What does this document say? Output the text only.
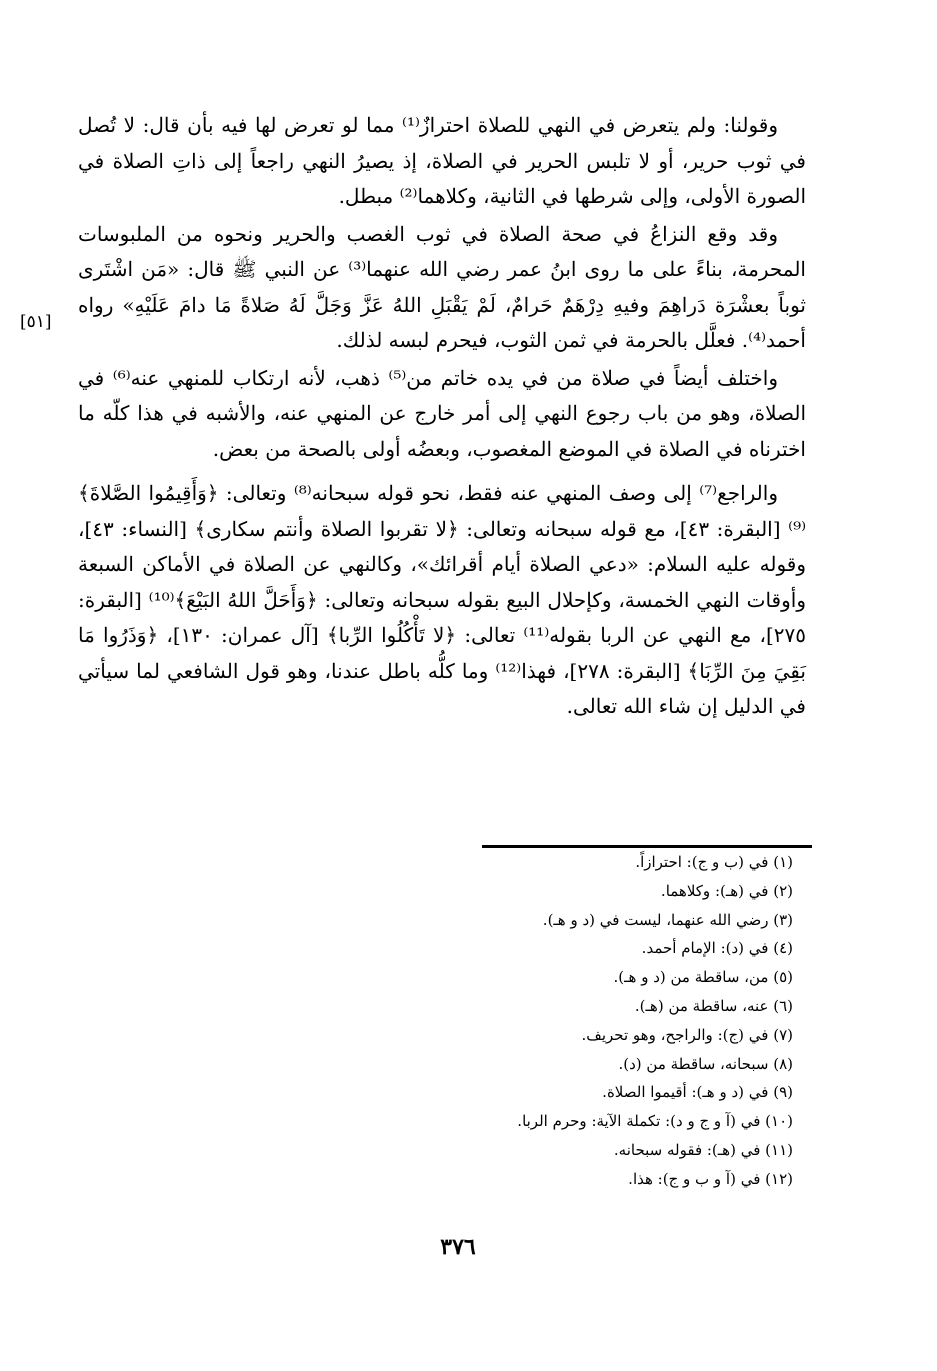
[٥١]

وقولنا: ولم يتعرض في النهي للصلاة احترازٌ⁽¹⁾ مما لو تعرض لها فيه بأن قال: لا تُصل في ثوب حرير، أو لا تلبس الحرير في الصلاة، إذ يصيرُ النهي راجعاً إلى ذاتِ الصلاة في الصورة الأولى، وإلى شرطها في الثانية، وكلاهما⁽²⁾ مبطل.

وقد وقع النزاعُ في صحة الصلاة في ثوب الغصب والحرير ونحوه من الملبوسات المحرمة، بناءً على ما روى ابنُ عمر رضي الله عنهما⁽³⁾ عن النبي ﷺ قال: «مَن اشْتَرى ثوباً بعشْرَة دَراهِمَ وفيهِ دِرْهَمٌ حَرامٌ، لَمْ يَقْبَلِ اللهُ عَزَّ وَجَلَّ لَهُ صَلاةً مَا دامَ عَلَيْهِ» رواه أحمد⁽⁴⁾. فعلَّل بالحرمة في ثمن الثوب، فيحرم لبسه لذلك.

واختلف أيضاً في صلاة من في يده خاتم من⁽⁵⁾ ذهب، لأنه ارتكاب للمنهي عنه⁽⁶⁾ في الصلاة، وهو من باب رجوع النهي إلى أمر خارج عن المنهي عنه، والأشبه في هذا كلّه ما اخترناه في الصلاة في الموضع المغصوب، وبعضُه أولى بالصحة من بعض.

والراجع⁽⁷⁾ إلى وصف المنهي عنه فقط، نحو قوله سبحانه⁽⁸⁾ وتعالى: ﴿وَأَقِيمُوا الصَّلاةَ﴾⁽⁹⁾ [البقرة: ٤٣]، مع قوله سبحانه وتعالى: ﴿لا تقربوا الصلاة وأنتم سكارى﴾ [النساء: ٤٣]، وقوله عليه السلام: «دعي الصلاة أيام أقرائك»، وكالنهي عن الصلاة في الأماكن السبعة وأوقات النهي الخمسة، وكإحلال البيع بقوله سبحانه وتعالى: ﴿وَأَحَلَّ اللهُ البَيْعَ﴾⁽¹⁰⁾ [البقرة: ٢٧٥]، مع النهي عن الربا بقوله⁽¹¹⁾ تعالى: ﴿لا تَأْكُلُوا الرِّبا﴾ [آل عمران: ١٣٠]، ﴿وَذَرُوا مَا بَقِيَ مِنَ الرِّبَا﴾ [البقرة: ٢٧٨]، فهذا⁽¹²⁾ وما كلُّه باطل عندنا، وهو قول الشافعي لما سيأتي في الدليل إن شاء الله تعالى.

(١) في (ب و ج): احترازاً.
(٢) في (هـ): وكلاهما.
(٣) رضي الله عنهما، ليست في (د و هـ).
(٤) في (د): الإمام أحمد.
(٥) من، ساقطة من (د و هـ).
(٦) عنه، ساقطة من (هـ).
(٧) في (ج): والراجح، وهو تحريف.
(٨) سبحانه، ساقطة من (د).
(٩) في (د و هـ): أقيموا الصلاة.
(١٠) في (آ و ج و د): تكملة الآية: وحرم الربا.
(١١) في (هـ): فقوله سبحانه.
(١٢) في (آ و ب و ج): هذا.
٣٧٦
